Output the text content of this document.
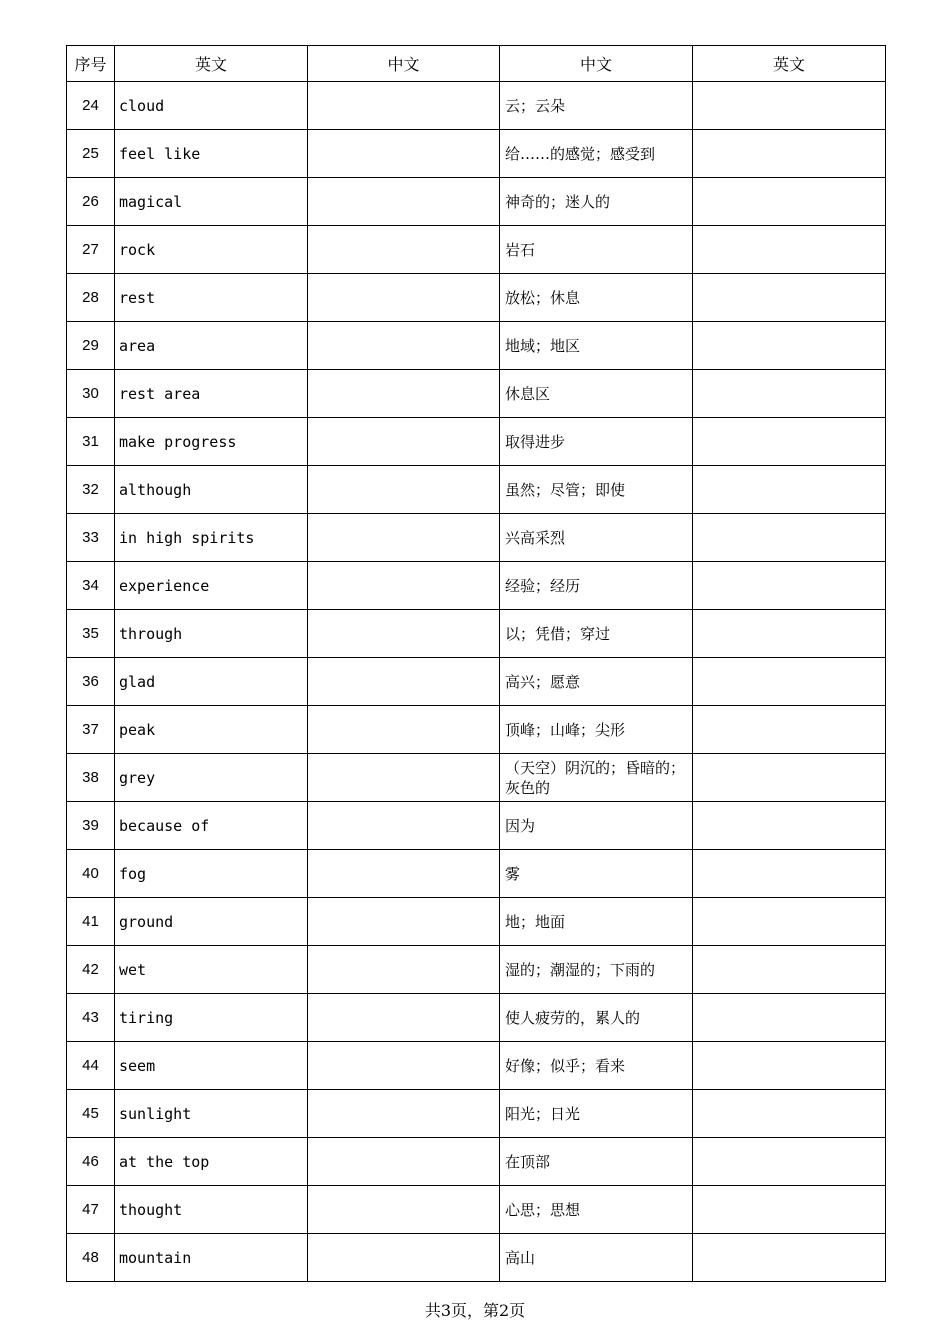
序号	英文	中文	中文	英文
24	cloud		云；云朵	
25	feel like		给……的感觉；感受到	
26	magical		神奇的；迷人的	
27	rock		岩石	
28	rest		放松；休息	
29	area		地域；地区	
30	rest area		休息区	
31	make progress		取得进步	
32	although		虽然；尽管；即使	
33	in high spirits		兴高采烈	
34	experience		经验；经历	
35	through		以；凭借；穿过	
36	glad		高兴；愿意	
37	peak		顶峰；山峰；尖形	
38	grey		（天空）阴沉的；昏暗的；灰色的	
39	because of		因为	
40	fog		雾	
41	ground		地；地面	
42	wet		湿的；潮湿的；下雨的	
43	tiring		使人疲劳的，累人的	
44	seem		好像；似乎；看来	
45	sunlight		阳光；日光	
46	at the top		在顶部	
47	thought		心思；思想	
48	mountain		高山	
共3页，第2页
